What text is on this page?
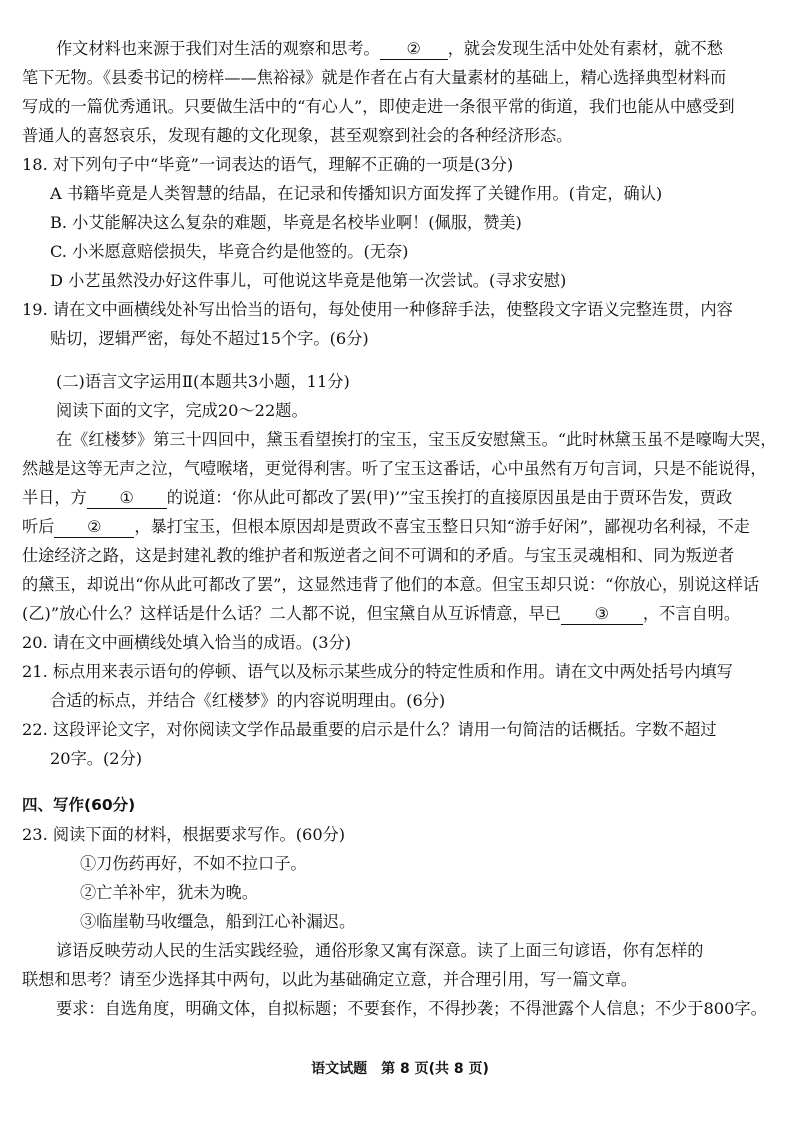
作文材料也来源于我们对生活的观察和思考。 ② ，就会发现生活中处处有素材，就不愁

笔下无物。《县委书记的榜样——焦裕禄》就是作者在占有大量素材的基础上，精心选择典型材料而

写成的一篇优秀通讯。只要做生活中的“有心人”，即使走进一条很平常的街道，我们也能从中感受到

普通人的喜怒哀乐，发现有趣的文化现象，甚至观察到社会的各种经济形态。

18. 对下列句子中“毕竟”一词表达的语气，理解不正确的一项是(3分)

A 书籍毕竟是人类智慧的结晶，在记录和传播知识方面发挥了关键作用。(肯定，确认)

B. 小艾能解决这么复杂的难题，毕竟是名校毕业啊！(佩服，赞美)

C. 小米愿意赔偿损失，毕竟合约是他签的。(无奈)

D 小艺虽然没办好这件事儿，可他说这毕竟是他第一次尝试。(寻求安慰)

19. 请在文中画横线处补写出恰当的语句，每处使用一种修辞手法，使整段文字语义完整连贯，内容

贴切，逻辑严密，每处不超过15个字。(6分)

(二)语言文字运用Ⅱ(本题共3小题，11分)

阅读下面的文字，完成20～22题。

在《红楼梦》第三十四回中，黛玉看望挨打的宝玉，宝玉反安慰黛玉。“此时林黛玉虽不是嚎啕大哭，

然越是这等无声之泣，气噎喉堵，更觉得利害。听了宝玉这番话，心中虽然有万句言词，只是不能说得，

半日，方 ① 的说道：‘你从此可都改了罢(甲)’”宝玉挨打的直接原因虽是由于贾环告发，贾政

听后 ② ，暴打宝玉，但根本原因却是贾政不喜宝玉整日只知“游手好闲”，鄙视功名利禄，不走

仕途经济之路，这是封建礼教的维护者和叛逆者之间不可调和的矛盾。与宝玉灵魂相和、同为叛逆者

的黛玉，却说出“你从此可都改了罢”，这显然违背了他们的本意。但宝玉却只说：“你放心，别说这样话

(乙)”放心什么？这样话是什么话？二人都不说，但宝黛自从互诉情意，早已 ③ ，不言自明。

20. 请在文中画横线处填入恰当的成语。(3分)

21. 标点用来表示语句的停顿、语气以及标示某些成分的特定性质和作用。请在文中两处括号内填写

合适的标点，并结合《红楼梦》的内容说明理由。(6分)

22. 这段评论文字，对你阅读文学作品最重要的启示是什么？请用一句简洁的话概括。字数不超过

20字。(2分)

四、写作(60分)

23. 阅读下面的材料，根据要求写作。(60分)

①刀伤药再好，不如不拉口子。

②亡羊补牢，犹未为晚。

③临崖勒马收缰急，船到江心补漏迟。

谚语反映劳动人民的生活实践经验，通俗形象又寓有深意。读了上面三句谚语，你有怎样的

联想和思考？请至少选择其中两句，以此为基础确定立意，并合理引用，写一篇文章。

要求：自选角度，明确文体，自拟标题；不要套作，不得抄袭；不得泄露个人信息；不少于800字。

语文试题　第 8 页(共 8 页)
